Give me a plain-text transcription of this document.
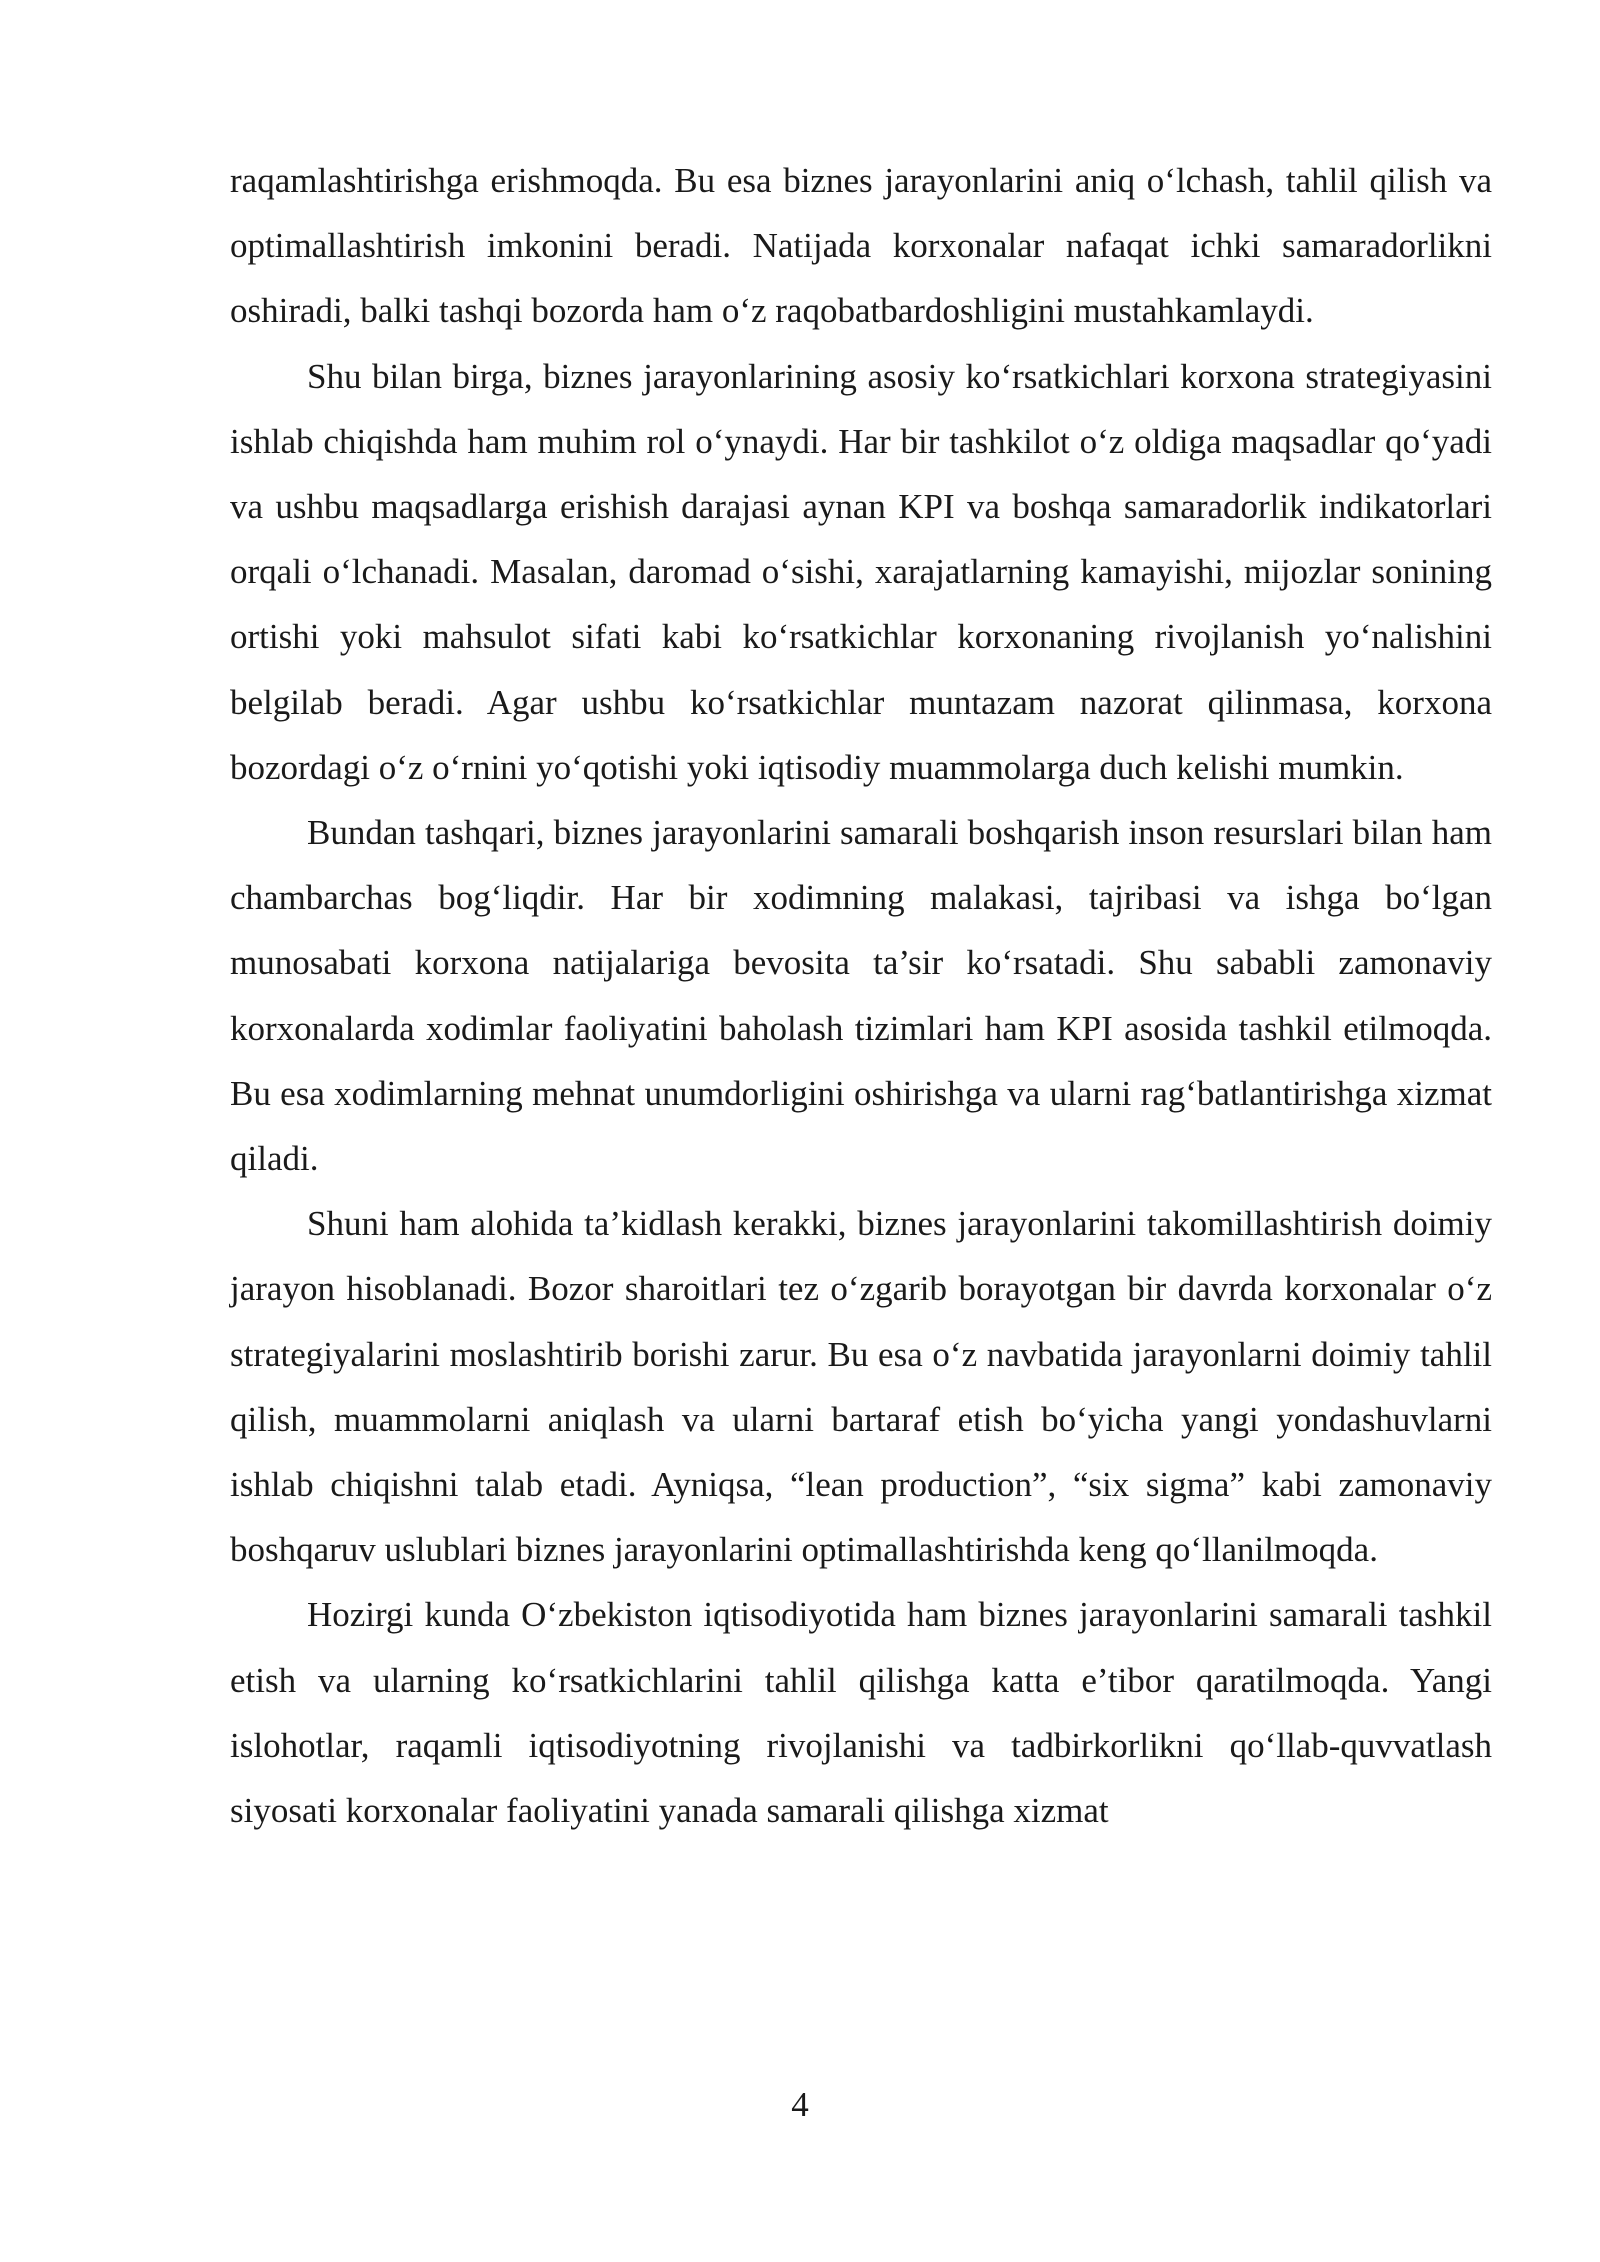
raqamlashtirishga erishmoqda. Bu esa biznes jarayonlarini aniq o‘lchash, tahlil qilish va optimallashtirish imkonini beradi. Natijada korxonalar nafaqat ichki samaradorlikni oshiradi, balki tashqi bozorda ham o‘z raqobatbardoshligini mustahkamlaydi.

Shu bilan birga, biznes jarayonlarining asosiy ko‘rsatkichlari korxona strategiyasini ishlab chiqishda ham muhim rol o‘ynaydi. Har bir tashkilot o‘z oldiga maqsadlar qo‘yadi va ushbu maqsadlarga erishish darajasi aynan KPI va boshqa samaradorlik indikatorlari orqali o‘lchanadi. Masalan, daromad o‘sishi, xarajatlarning kamayishi, mijozlar sonining ortishi yoki mahsulot sifati kabi ko‘rsatkichlar korxonaning rivojlanish yo‘nalishini belgilab beradi. Agar ushbu ko‘rsatkichlar muntazam nazorat qilinmasa, korxona bozordagi o‘z o‘rnini yo‘qotishi yoki iqtisodiy muammolarga duch kelishi mumkin.

Bundan tashqari, biznes jarayonlarini samarali boshqarish inson resurslari bilan ham chambarchas bog‘liqdir. Har bir xodimning malakasi, tajribasi va ishga bo‘lgan munosabati korxona natijalariga bevosita ta’sir ko‘rsatadi. Shu sababli zamonaviy korxonalarda xodimlar faoliyatini baholash tizimlari ham KPI asosida tashkil etilmoqda. Bu esa xodimlarning mehnat unumdorligini oshirishga va ularni rag‘batlantirishga xizmat qiladi.

Shuni ham alohida ta’kidlash kerakki, biznes jarayonlarini takomillashtirish doimiy jarayon hisoblanadi. Bozor sharoitlari tez o‘zgarib borayotgan bir davrda korxonalar o‘z strategiyalarini moslashtirib borishi zarur. Bu esa o‘z navbatida jarayonlarni doimiy tahlil qilish, muammolarni aniqlash va ularni bartaraf etish bo‘yicha yangi yondashuvlarni ishlab chiqishni talab etadi. Ayniqsa, “lean production”, “six sigma” kabi zamonaviy boshqaruv uslublari biznes jarayonlarini optimallashtirishda keng qo‘llanilmoqda.

Hozirgi kunda O‘zbekiston iqtisodiyotida ham biznes jarayonlarini samarali tashkil etish va ularning ko‘rsatkichlarini tahlil qilishga katta e’tibor qaratilmoqda. Yangi islohotlar, raqamli iqtisodiyotning rivojlanishi va tadbirkorlikni qo‘llab-quvvatlash siyosati korxonalar faoliyatini yanada samarali qilishga xizmat

4
